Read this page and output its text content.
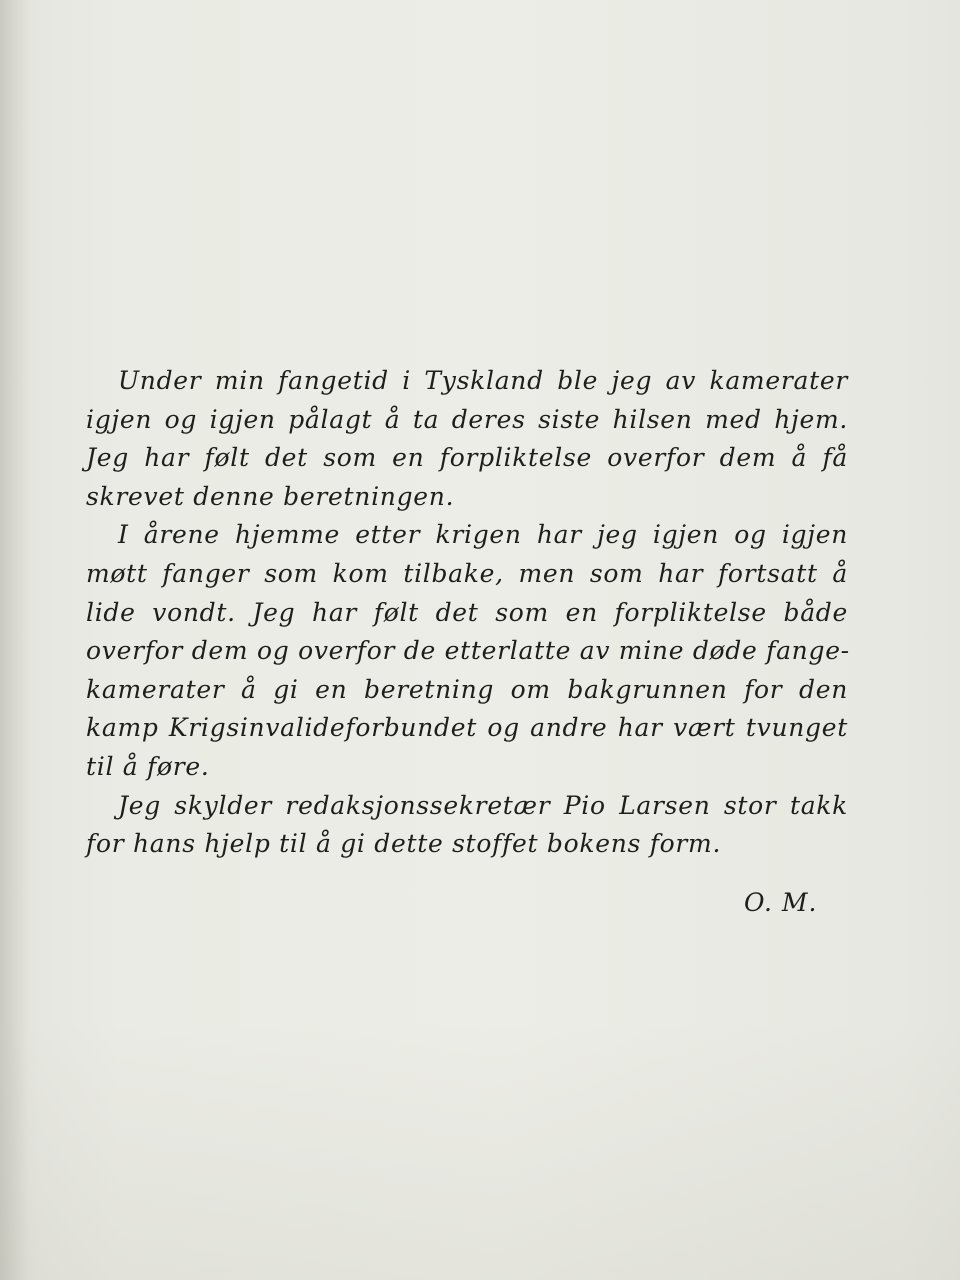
Under min fangetid i Tyskland ble jeg av kamerater
igjen og igjen pålagt å ta deres siste hilsen med hjem.
Jeg har følt det som en forpliktelse overfor dem å få
skrevet denne beretningen.
I årene hjemme etter krigen har jeg igjen og igjen
møtt fanger som kom tilbake, men som har fortsatt å
lide vondt. Jeg har følt det som en forpliktelse både
overfor dem og overfor de etterlatte av mine døde fange-
kamerater å gi en beretning om bakgrunnen for den
kamp Krigsinvalideforbundet og andre har vært tvunget
til å føre.
Jeg skylder redaksjonssekretær Pio Larsen stor takk
for hans hjelp til å gi dette stoffet bokens form.
O. M.
